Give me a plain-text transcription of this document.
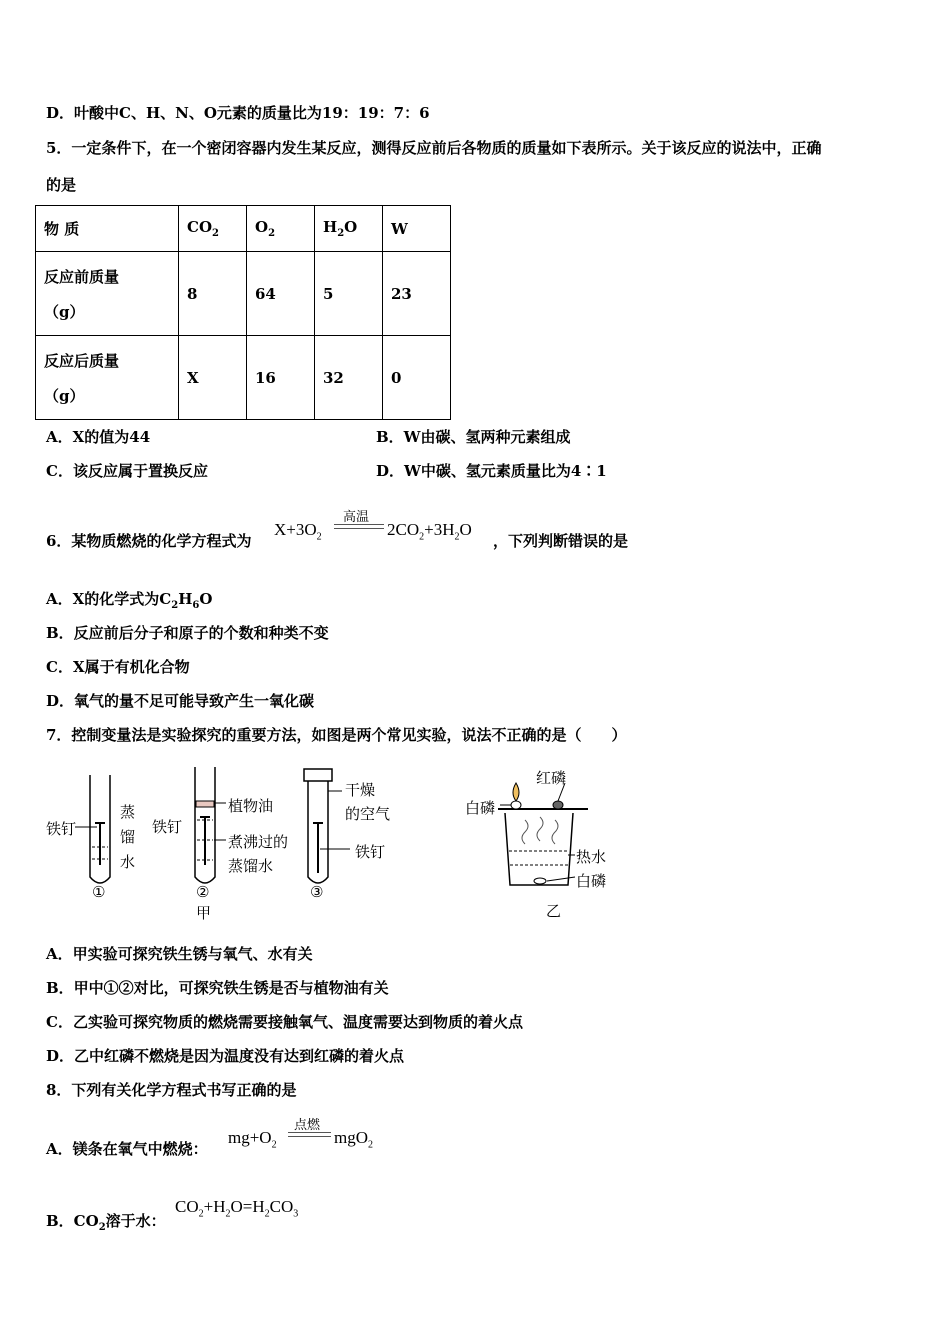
D．叶酸中C、H、N、O元素的质量比为19：19：7：6
5．一定条件下，在一个密闭容器内发生某反应，测得反应前后各物质的质量如下表所示。关于该反应的说法中，正确
的是
物 质	$CO_2$	$O_2$	$H_2O$	W

反应前质量
（g）	8	64	5	23

反应后质量
（g）	X	16	32	0
A．X的值为44	B．W由碳、氢两种元素组成
C．该反应属于置换反应	D．W中碳、氢元素质量比为4∶1
6．某物质燃烧的化学方程式为
$X+3O_2$
高温
$2CO_2+3H_2O$
，下列判断错误的是
A．X的化学式为$C_2H_6O$
B．反应前后分子和原子的个数和种类不变
C．X属于有机化合物
D．氧气的量不足可能导致产生一氧化碳
7．控制变量法是实验探究的重要方法，如图是两个常见实验，说法不正确的是（　　）
铁钉
蒸
馏
水
①
铁钉
植物油
煮沸过的
蒸馏水
②
甲
干燥
的空气
铁钉
③
红磷
白磷
热水
白磷
乙
A．甲实验可探究铁生锈与氧气、水有关
B．甲中①②对比，可探究铁生锈是否与植物油有关
C．乙实验可探究物质的燃烧需要接触氧气、温度需要达到物质的着火点
D．乙中红磷不燃烧是因为温度没有达到红磷的着火点
8．下列有关化学方程式书写正确的是
A．镁条在氧气中燃烧：
$mg+O_2$
点燃
mgO$_2$
B．$CO_2$溶于水：
$CO_2+H_2O=H_2CO_3$
